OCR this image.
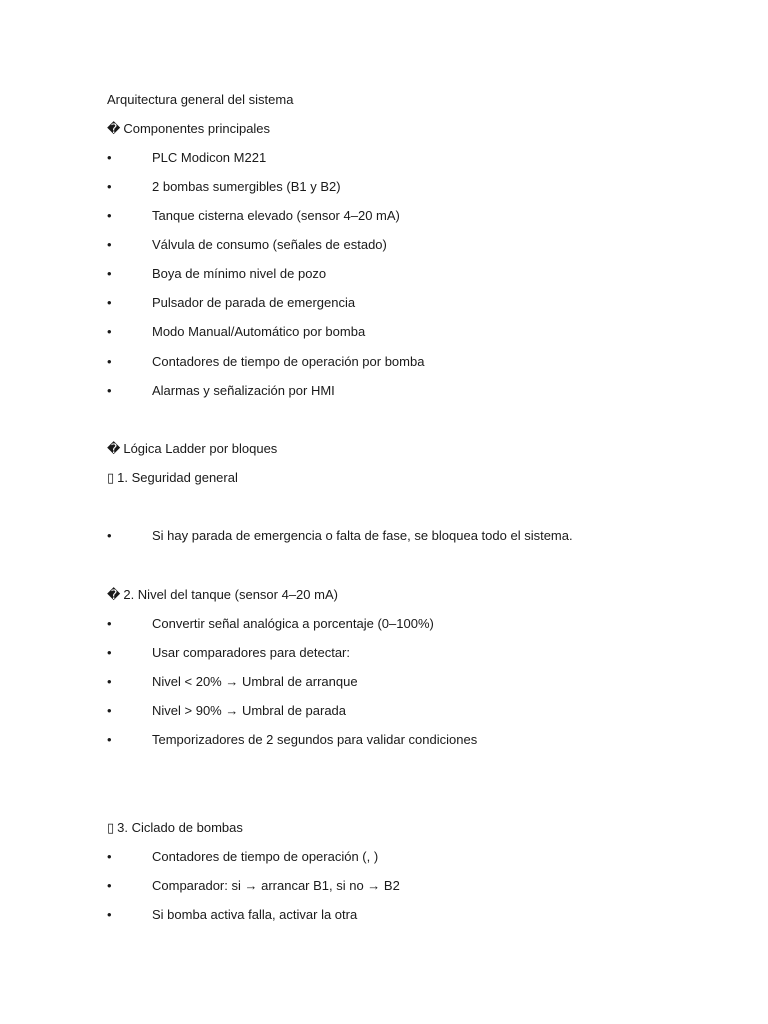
Arquitectura general del sistema
� Componentes principales
•	PLC Modicon M221
•	2 bombas sumergibles (B1 y B2)
•	Tanque cisterna elevado (sensor 4–20 mA)
•	Válvula de consumo (señales de estado)
•	Boya de mínimo nivel de pozo
•	Pulsador de parada de emergencia
•	Modo Manual/Automático por bomba
•	Contadores de tiempo de operación por bomba
•	Alarmas y señalización por HMI
� Lógica Ladder por bloques
▯ 1. Seguridad general
•	Si hay parada de emergencia o falta de fase, se bloquea todo el sistema.
� 2. Nivel del tanque (sensor 4–20 mA)
•	Convertir señal analógica a porcentaje (0–100%)
•	Usar comparadores para detectar:
•	Nivel < 20% → Umbral de arranque
•	Nivel > 90% → Umbral de parada
•	Temporizadores de 2 segundos para validar condiciones
▯ 3. Ciclado de bombas
•	Contadores de tiempo de operación (, )
•	Comparador: si → arrancar B1, si no → B2
•	Si bomba activa falla, activar la otra
